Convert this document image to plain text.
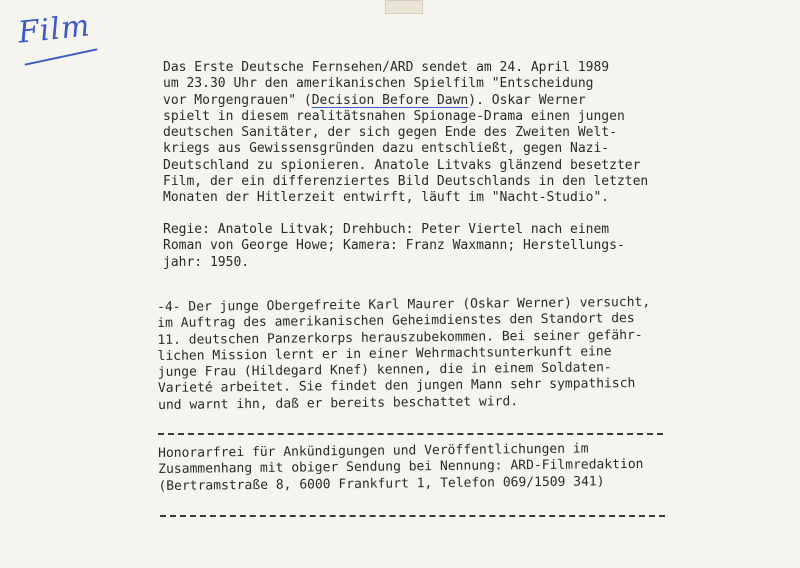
Film
Das Erste Deutsche Fernsehen/ARD sendet am 24. April 1989
um 23.30 Uhr den amerikanischen Spielfilm "Entscheidung
vor Morgengrauen" (Decision Before Dawn). Oskar Werner
spielt in diesem realitätsnahen Spionage-Drama einen jungen
deutschen Sanitäter, der sich gegen Ende des Zweiten Welt-
kriegs aus Gewissensgründen dazu entschließt, gegen Nazi-
Deutschland zu spionieren. Anatole Litvaks glänzend besetzter
Film, der ein differenziertes Bild Deutschlands in den letzten
Monaten der Hitlerzeit entwirft, läuft im "Nacht-Studio".
Regie: Anatole Litvak; Drehbuch: Peter Viertel nach einem
Roman von George Howe; Kamera: Franz Waxmann; Herstellungs-
jahr: 1950.
-4- Der junge Obergefreite Karl Maurer (Oskar Werner) versucht,
im Auftrag des amerikanischen Geheimdienstes den Standort des
11. deutschen Panzerkorps herauszubekommen. Bei seiner gefähr-
lichen Mission lernt er in einer Wehrmachtsunterkunft eine
junge Frau (Hildegard Knef) kennen, die in einem Soldaten-
Varieté arbeitet. Sie findet den jungen Mann sehr sympathisch
und warnt ihn, daß er bereits beschattet wird.
Honorarfrei für Ankündigungen und Veröffentlichungen im
Zusammenhang mit obiger Sendung bei Nennung: ARD-Filmredaktion
(Bertramstraße 8, 6000 Frankfurt 1, Telefon 069/1509 341)
